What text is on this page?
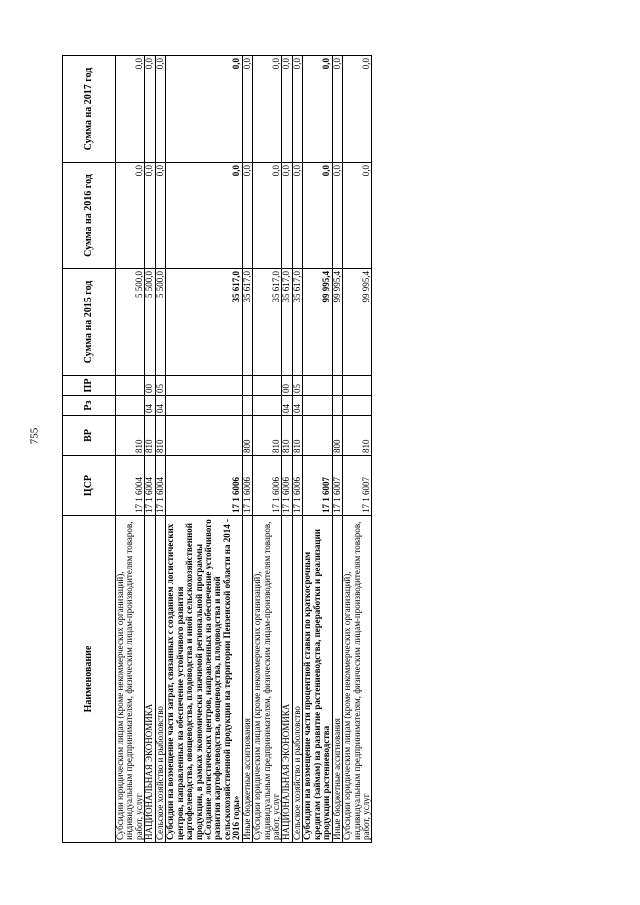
755
Наименование	ЦСР	ВР	Рз	ПР	Сумма на 2015 год	Сумма на 2016 год	Сумма на 2017 год
Субсидии юридическим лицам (кроме некоммерческих организаций), индивидуальным предпринимателям, физическим лицам-производителям товаров, работ, услуг	17 1 6004	810			5 500,0	0,0	0,0
НАЦИОНАЛЬНАЯ ЭКОНОМИКА	17 1 6004	810	04	00	5 500,0	0,0	0,0
Сельское хозяйство и рыболовство	17 1 6004	810	04	05	5 500,0	0,0	0,0
Субсидии на возмещение части затрат, связанных с созданием логистических центров, направленных на обеспечение устойчивого развития картофелеводства, овощеводства, плодоводства и иной сельскохозяйственной продукции, в рамках экономически значимой региональной программы «Создание логистических центров, направленных на обеспечение устойчивого развития картофелеводства, овощеводства, плодоводства и иной сельскохозяйственной продукции на территории Пензенской области на 2014 - 2016 годы»	17 1 6006				35 617,0	0,0	0,0
Иные бюджетные ассигнования	17 1 6006	800			35 617,0	0,0	0,0
Субсидии юридическим лицам (кроме некоммерческих организаций), индивидуальным предпринимателям, физическим лицам-производителям товаров, работ, услуг	17 1 6006	810			35 617,0	0,0	0,0
НАЦИОНАЛЬНАЯ ЭКОНОМИКА	17 1 6006	810	04	00	35 617,0	0,0	0,0
Сельское хозяйство и рыболовство	17 1 6006	810	04	05	35 617,0	0,0	0,0
Субсидии на возмещение части процентной ставки по краткосрочным кредитам (займам) на развитие растениеводства, переработки и реализации продукции растениеводства	17 1 6007				99 995,4	0,0	0,0
Иные бюджетные ассигнования	17 1 6007	800			99 995,4	0,0	0,0
Субсидии юридическим лицам (кроме некоммерческих организаций), индивидуальным предпринимателям, физическим лицам-производителям товаров, работ, услуг	17 1 6007	810			99 995,4	0,0	0,0
